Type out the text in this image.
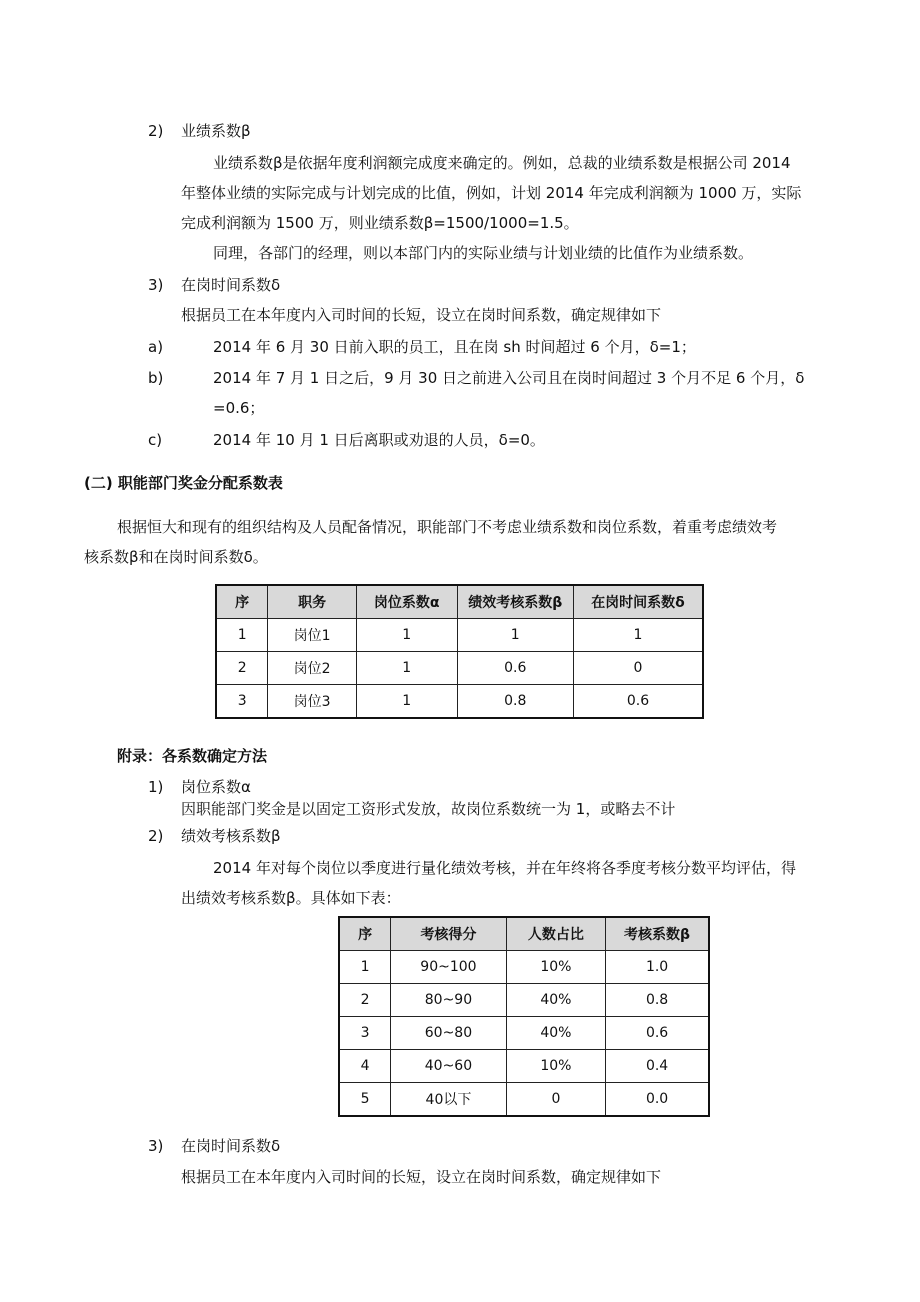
2) 业绩系数β
业绩系数β是依据年度利润额完成度来确定的。例如，总裁的业绩系数是根据公司 2014
年整体业绩的实际完成与计划完成的比值，例如，计划 2014 年完成利润额为 1000 万，实际
完成利润额为 1500 万，则业绩系数β=1500/1000=1.5。
同理，各部门的经理，则以本部门内的实际业绩与计划业绩的比值作为业绩系数。
3) 在岗时间系数δ
根据员工在本年度内入司时间的长短，设立在岗时间系数，确定规律如下
a)	2014 年 6 月 30 日前入职的员工，且在岗 sh 时间超过 6 个月，δ=1；
b)	2014 年 7 月 1 日之后，9 月 30 日之前进入公司且在岗时间超过 3 个月不足 6 个月，δ
=0.6；
c)	2014 年 10 月 1 日后离职或劝退的人员，δ=0。
(二) 职能部门奖金分配系数表
根据恒大和现有的组织结构及人员配备情况，职能部门不考虑业绩系数和岗位系数，着重考虑绩效考
核系数β和在岗时间系数δ。
序	职务	岗位系数α	绩效考核系数β	在岗时间系数δ
1	岗位1	1	1	1
2	岗位2	1	0.6	0
3	岗位3	1	0.8	0.6
附录：各系数确定方法
1) 岗位系数α
因职能部门奖金是以固定工资形式发放，故岗位系数统一为 1，或略去不计
2) 绩效考核系数β
2014 年对每个岗位以季度进行量化绩效考核，并在年终将各季度考核分数平均评估，得
出绩效考核系数β。具体如下表：
序	考核得分	人数占比	考核系数β
1	90~100	10%	1.0
2	80~90	40%	0.8
3	60~80	40%	0.6
4	40~60	10%	0.4
5	40以下	0	0.0
3) 在岗时间系数δ
根据员工在本年度内入司时间的长短，设立在岗时间系数，确定规律如下
